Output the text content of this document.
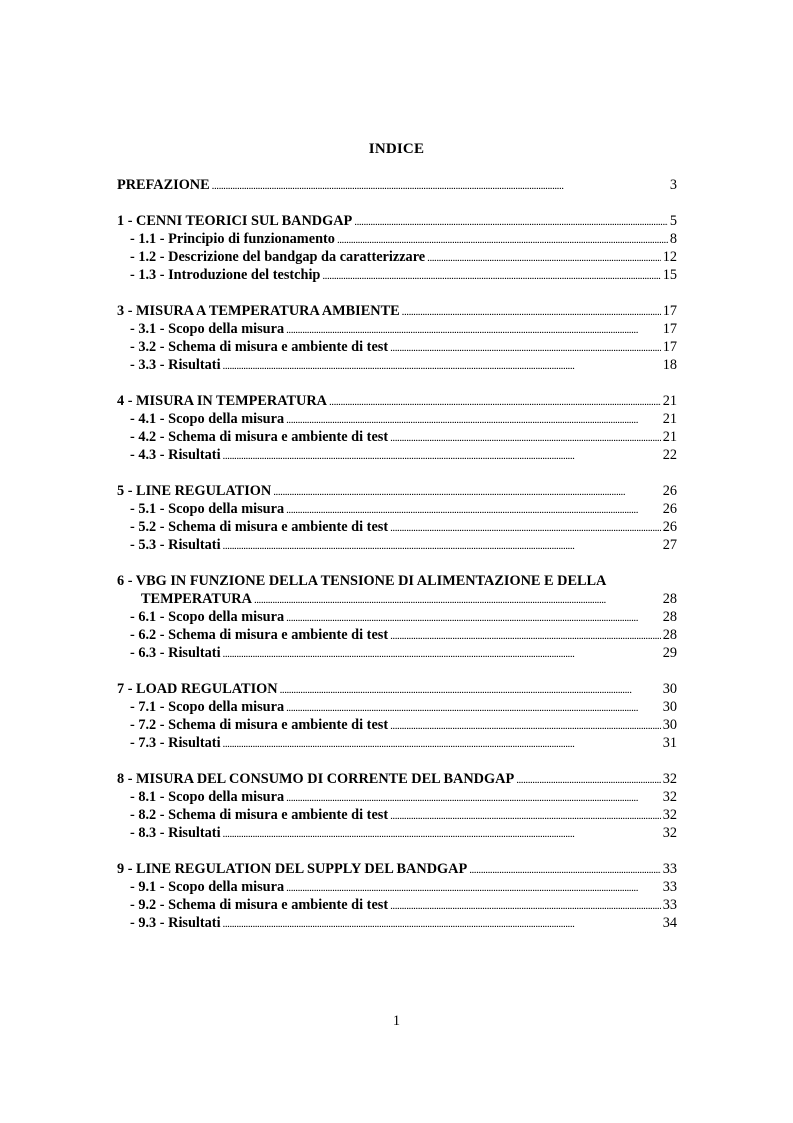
INDICE
PREFAZIONE . . .	3
1 - CENNI TEORICI SUL BANDGAP . . .	5
- 1.1 - Principio di funzionamento . . .	8
- 1.2 - Descrizione del bandgap da caratterizzare . . .	12
- 1.3 - Introduzione del testchip . . .	15
3 - MISURA A TEMPERATURA AMBIENTE . . .	17
- 3.1 - Scopo della misura . . .	17
- 3.2 - Schema di misura e ambiente di test . . .	17
- 3.3 - Risultati . . .	18
4 - MISURA IN TEMPERATURA . . .	21
- 4.1 - Scopo della misura . . .	21
- 4.2 - Schema di misura e ambiente di test . . .	21
- 4.3 - Risultati . . .	22
5 - LINE REGULATION . . .	26
- 5.1 - Scopo della misura . . .	26
- 5.2 - Schema di misura e ambiente di test . . .	26
- 5.3 - Risultati . . .	27
6 - VBG IN FUNZIONE DELLA TENSIONE DI ALIMENTAZIONE E DELLA
TEMPERATURA . . .	28
- 6.1 - Scopo della misura . . .	28
- 6.2 - Schema di misura e ambiente di test . . .	28
- 6.3 - Risultati . . .	29
7 - LOAD REGULATION . . .	30
- 7.1 - Scopo della misura . . .	30
- 7.2 - Schema di misura e ambiente di test . . .	30
- 7.3 - Risultati . . .	31
8 - MISURA DEL CONSUMO DI CORRENTE DEL BANDGAP . . .	32
- 8.1 - Scopo della misura . . .	32
- 8.2 - Schema di misura e ambiente di test . . .	32
- 8.3 - Risultati . . .	32
9 - LINE REGULATION DEL SUPPLY DEL BANDGAP . . .	33
- 9.1 - Scopo della misura . . .	33
- 9.2 - Schema di misura e ambiente di test . . .	33
- 9.3 - Risultati . . .	34
1
